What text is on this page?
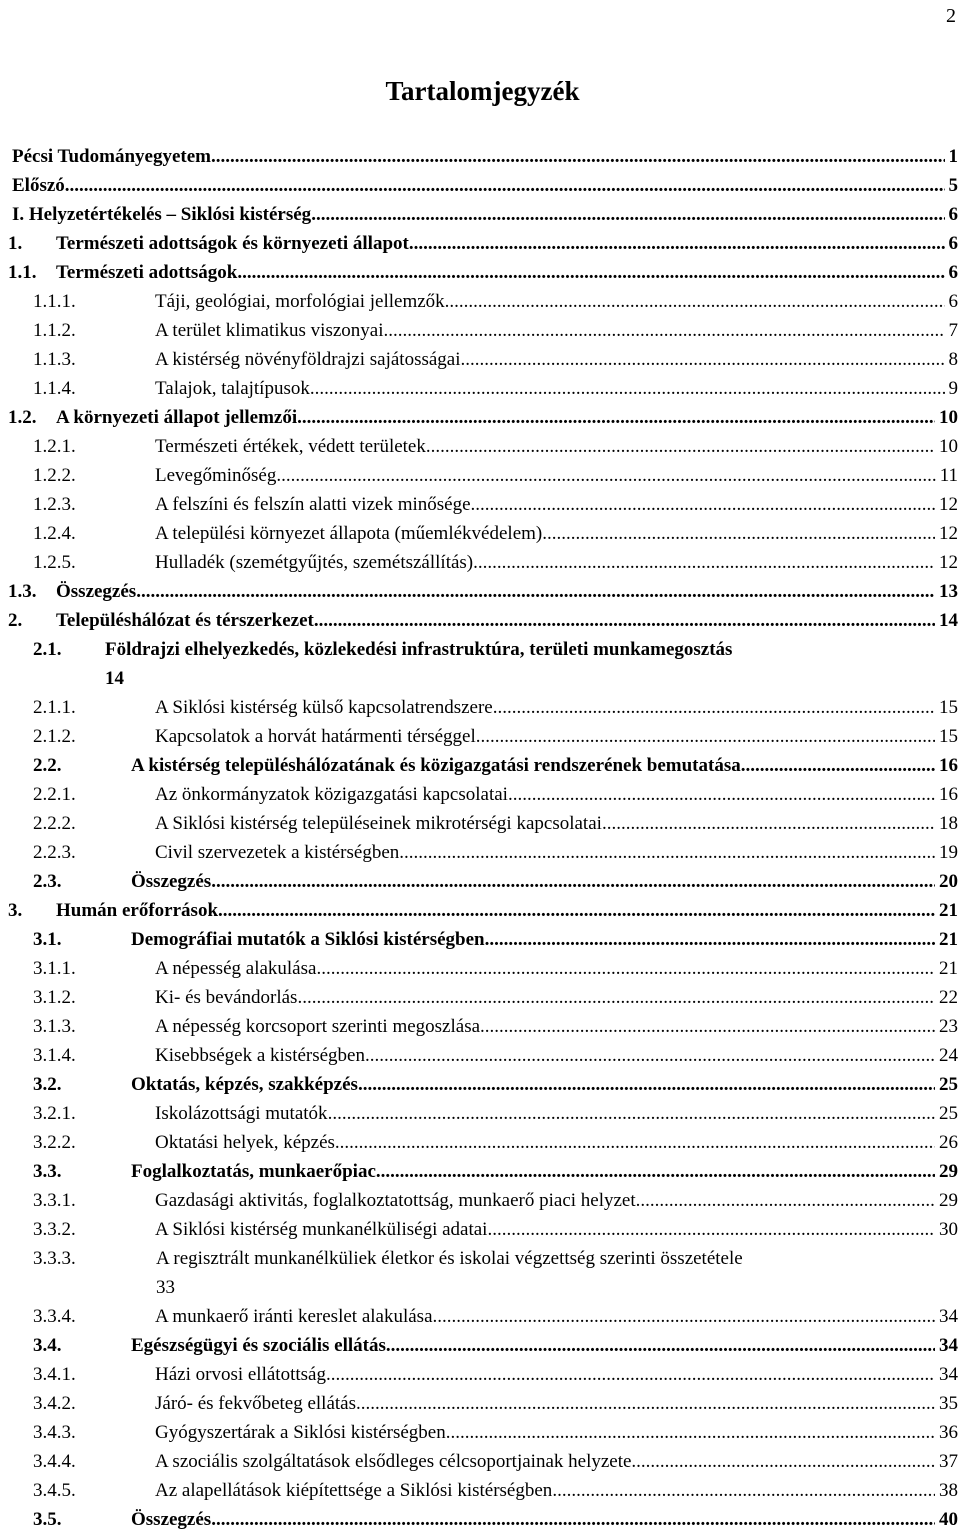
2
Tartalomjegyzék
Pécsi Tudományegyetem .....	1
Előszó .....	5
I. Helyzetértékelés – Siklósi kistérség .....	6
1.	Természeti adottságok és környezeti állapot .....	6
1.1.	Természeti adottságok .....	6
1.1.1.	Táji, geológiai, morfológiai jellemzők .....	6
1.1.2.	A terület klimatikus viszonyai .....	7
1.1.3.	A kistérség növényföldrajzi sajátosságai .....	8
1.1.4.	Talajok, talajtípusok .....	9
1.2.	A környezeti állapot jellemzői .....	10
1.2.1.	Természeti értékek, védett területek .....	10
1.2.2.	Levegőminőség .....	11
1.2.3.	A felszíni és felszín alatti vizek minősége .....	12
1.2.4.	A települési környezet állapota (műemlékvédelem) .....	12
1.2.5.	Hulladék (szemétgyűjtés, szemétszállítás) .....	12
1.3.	Összegzés .....	13
2.	Településhálózat és térszerkezet .....	14
2.1. Földrajzi elhelyezkedés, közlekedési infrastruktúra, területi munkamegosztás
14
2.1.1.	A Siklósi kistérség külső kapcsolatrendszere .....	15
2.1.2.	Kapcsolatok a horvát határmenti térséggel .....	15
2.2.	A kistérség településhálózatának és közigazgatási rendszerének bemutatása .....	16
2.2.1.	Az önkormányzatok közigazgatási kapcsolatai .....	16
2.2.2.	A Siklósi kistérség településeinek mikrotérségi kapcsolatai .....	18
2.2.3.	Civil szervezetek a kistérségben .....	19
2.3.	Összegzés .....	20
3.	Humán erőforrások .....	21
3.1.	Demográfiai mutatók a Siklósi kistérségben .....	21
3.1.1.	A népesség alakulása .....	21
3.1.2.	Ki- és bevándorlás .....	22
3.1.3.	A népesség korcsoport szerinti megoszlása .....	23
3.1.4.	Kisebbségek a kistérségben .....	24
3.2.	Oktatás, képzés, szakképzés .....	25
3.2.1.	Iskolázottsági mutatók .....	25
3.2.2.	Oktatási helyek, képzés .....	26
3.3.	Foglalkoztatás, munkaerőpiac .....	29
3.3.1.	Gazdasági aktivitás, foglalkoztatottság, munkaerő piaci helyzet .....	29
3.3.2.	A Siklósi kistérség munkanélküliségi adatai .....	30
3.3.3.	A regisztrált munkanélküliek életkor és iskolai végzettség szerinti összetétele
33
3.3.4.	A munkaerő iránti kereslet alakulása .....	34
3.4.	Egészségügyi és szociális ellátás .....	34
3.4.1.	Házi orvosi ellátottság .....	34
3.4.2.	Járó- és fekvőbeteg ellátás .....	35
3.4.3.	Gyógyszertárak a Siklósi kistérségben .....	36
3.4.4.	A szociális szolgáltatások elsődleges célcsoportjainak helyzete .....	37
3.4.5.	Az alapellátások kiépítettsége a Siklósi kistérségben .....	38
3.5.	Összegzés .....	40
